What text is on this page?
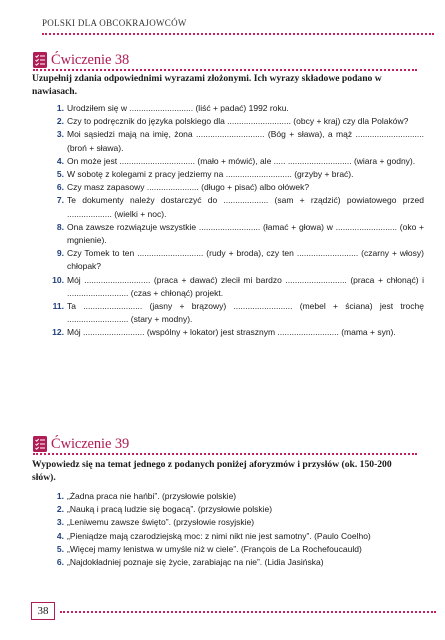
POLSKI DLA OBCOKRAJOWCÓW
Ćwiczenie 38
Uzupełnij zdania odpowiednimi wyrazami złożonymi. Ich wyrazy składowe podano w nawiasach.
1 . Urodziłem się w ........................... (liść + padać) 1992 roku.
2 . Czy to podręcznik do języka polskiego dla ........................... (obcy + kraj) czy dla Polaków?
3 . Moi sąsiedzi mają na imię, żona ............................. (Bóg + sława), a mąż ............................. (broń + sława).
4 . On może jest ................................ (mało + mówić), ale ..... ........................... (wiara + godny).
5 . W sobotę z kolegami z pracy jedziemy na ............................ (grzyby + brać).
6 . Czy masz zapasowy ...................... (długo + pisać) albo ołówek?
7 . Te dokumenty należy dostarczyć do ................... (sam + rządzić) powiatowego przed ................... (wielki + noc).
8 . Ona zawsze rozwiązuje wszystkie .......................... (łamać + głowa) w .......................... (oko + mgnienie).
9 . Czy Tomek to ten ............................ (rudy + broda), czy ten .......................... (czarny + włosy) chłopak?
10 . Mój ............................ (praca + dawać) zlecił mi bardzo .......................... (praca + chłonąć) i .......................... (czas + chłonąć) projekt.
11 . Ta ......................... (jasny + brązowy) ......................... (mebel + ściana) jest trochę .......................... (stary + modny).
12 . Mój .......................... (wspólny + lokator) jest strasznym .......................... (mama + syn).
Ćwiczenie 39
Wypowiedz się na temat jednego z podanych poniżej aforyzmów i przysłów (ok. 150-200 słów).
1 . „Żadna praca nie hańbi”. (przysłowie polskie)
2 . „Nauką i pracą ludzie się bogacą”. (przysłowie polskie)
3 . „Leniwemu zawsze święto”. (przysłowie rosyjskie)
4 . „Pieniądze mają czarodziejską moc: z nimi nikt nie jest samotny”. (Paulo Coelho)
5 . „Więcej mamy lenistwa w umyśle niż w ciele”. (François de La Rochefoucauld)
6 . „Najdokładniej poznaje się życie, zarabiając na nie”. (Lidia Jasińska)
38
